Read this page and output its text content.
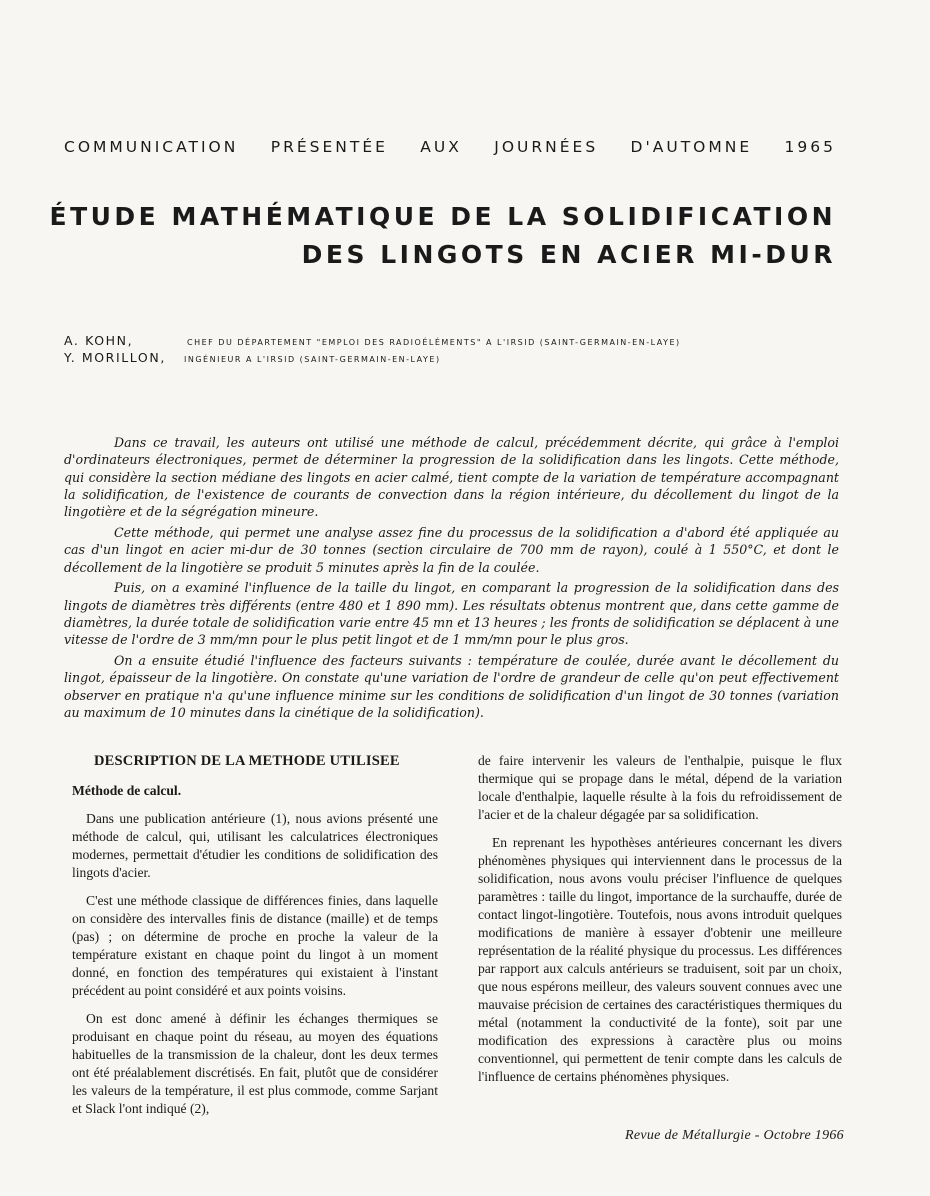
COMMUNICATION PRÉSENTÉE AUX JOURNÉES D'AUTOMNE 1965
ÉTUDE MATHÉMATIQUE DE LA SOLIDIFICATION
DES LINGOTS EN ACIER MI-DUR
A. KOHN,	CHEF DU DÉPARTEMENT "EMPLOI DES RADIOÉLÉMENTS" A L'IRSID (SAINT-GERMAIN-EN-LAYE)
Y. MORILLON,	INGÉNIEUR A L'IRSID (SAINT-GERMAIN-EN-LAYE)

Dans ce travail, les auteurs ont utilisé une méthode de calcul, précédemment décrite, qui grâce à l'emploi d'ordinateurs électroniques, permet de déterminer la progression de la solidification dans les lingots. Cette méthode, qui considère la section médiane des lingots en acier calmé, tient compte de la variation de température accompagnant la solidification, de l'existence de courants de convection dans la région intérieure, du décollement du lingot de la lingotière et de la ségrégation mineure.

Cette méthode, qui permet une analyse assez fine du processus de la solidification a d'abord été appliquée au cas d'un lingot en acier mi-dur de 30 tonnes (section circulaire de 700 mm de rayon), coulé à 1 550°C, et dont le décollement de la lingotière se produit 5 minutes après la fin de la coulée.

Puis, on a examiné l'influence de la taille du lingot, en comparant la progression de la solidification dans des lingots de diamètres très différents (entre 480 et 1 890 mm). Les résultats obtenus montrent que, dans cette gamme de diamètres, la durée totale de solidification varie entre 45 mn et 13 heures ; les fronts de solidification se déplacent à une vitesse de l'ordre de 3 mm/mn pour le plus petit lingot et de 1 mm/mn pour le plus gros.

On a ensuite étudié l'influence des facteurs suivants : température de coulée, durée avant le décollement du lingot, épaisseur de la lingotière. On constate qu'une variation de l'ordre de grandeur de celle qu'on peut effectivement observer en pratique n'a qu'une influence minime sur les conditions de solidification d'un lingot de 30 tonnes (variation au maximum de 10 minutes dans la cinétique de la solidification).

DESCRIPTION DE LA METHODE UTILISEE
Méthode de calcul.

Dans une publication antérieure (1), nous avions présenté une méthode de calcul, qui, utilisant les calculatrices électroniques modernes, permettait d'étudier les conditions de solidification des lingots d'acier.

C'est une méthode classique de différences finies, dans laquelle on considère des intervalles finis de distance (maille) et de temps (pas) ; on détermine de proche en proche la valeur de la température existant en chaque point du lingot à un moment donné, en fonction des températures qui existaient à l'instant précédent au point considéré et aux points voisins.

On est donc amené à définir les échanges thermiques se produisant en chaque point du réseau, au moyen des équations habituelles de la transmission de la chaleur, dont les deux termes ont été préalablement discrétisés. En fait, plutôt que de considérer les valeurs de la température, il est plus commode, comme Sarjant et Slack l'ont indiqué (2),

de faire intervenir les valeurs de l'enthalpie, puisque le flux thermique qui se propage dans le métal, dépend de la variation locale d'enthalpie, laquelle résulte à la fois du refroidissement de l'acier et de la chaleur dégagée par sa solidification.

En reprenant les hypothèses antérieures concernant les divers phénomènes physiques qui interviennent dans le processus de la solidification, nous avons voulu préciser l'influence de quelques paramètres : taille du lingot, importance de la surchauffe, durée de contact lingot-lingotière. Toutefois, nous avons introduit quelques modifications de manière à essayer d'obtenir une meilleure représentation de la réalité physique du processus. Les différences par rapport aux calculs antérieurs se traduisent, soit par un choix, que nous espérons meilleur, des valeurs souvent connues avec une mauvaise précision de certaines des caractéristiques thermiques du métal (notamment la conductivité de la fonte), soit par une modification des expressions à caractère plus ou moins conventionnel, qui permettent de tenir compte dans les calculs de l'influence de certains phénomènes physiques.

Revue de Métallurgie - Octobre 1966
